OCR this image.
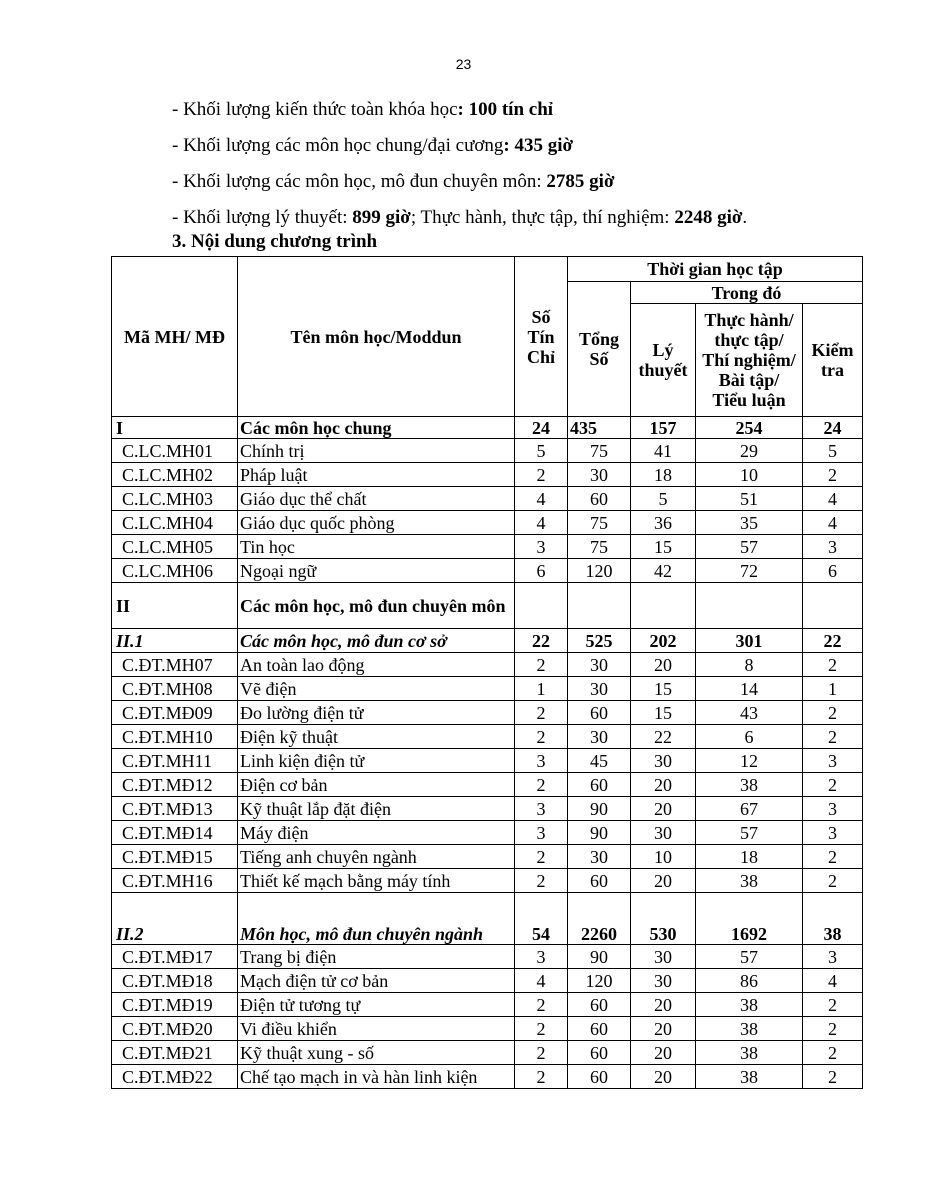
23
- Khối lượng kiến thức toàn khóa học: 100 tín chỉ
- Khối lượng các môn học chung/đại cương: 435 giờ
- Khối lượng các môn học, mô đun chuyên môn: 2785 giờ
- Khối lượng lý thuyết: 899 giờ; Thực hành, thực tập, thí nghiệm: 2248 giờ.
3. Nội dung chương trình
Mã MH/ MĐ	Tên môn học/Moddun	Số Tín Chỉ	Thời gian học tập			
			Tổng Số	Trong đó		
				Lý thuyết	Thực hành/ thực tập/ Thí nghiệm/ Bài tập/ Tiểu luận	Kiểm tra
I	Các môn học chung	24	435	157	254	24
C.LC.MH01	Chính trị	5	75	41	29	5
C.LC.MH02	Pháp luật	2	30	18	10	2
C.LC.MH03	Giáo dục thể chất	4	60	5	51	4
C.LC.MH04	Giáo dục quốc phòng	4	75	36	35	4
C.LC.MH05	Tin học	3	75	15	57	3
C.LC.MH06	Ngoại ngữ	6	120	42	72	6
II	Các môn học, mô đun chuyên môn					
II.1	Các môn học, mô đun cơ sở	22	525	202	301	22
C.ĐT.MH07	An toàn lao động	2	30	20	8	2
C.ĐT.MH08	Vẽ điện	1	30	15	14	1
C.ĐT.MĐ09	Đo lường điện tử	2	60	15	43	2
C.ĐT.MH10	Điện kỹ thuật	2	30	22	6	2
C.ĐT.MH11	Linh kiện điện tử	3	45	30	12	3
C.ĐT.MĐ12	Điện cơ bản	2	60	20	38	2
C.ĐT.MĐ13	Kỹ thuật lắp đặt điện	3	90	20	67	3
C.ĐT.MĐ14	Máy điện	3	90	30	57	3
C.ĐT.MĐ15	Tiếng anh chuyên ngành	2	30	10	18	2
C.ĐT.MH16	Thiết kế mạch bằng máy tính	2	60	20	38	2
II.2	Môn học, mô đun chuyên ngành	54	2260	530	1692	38
C.ĐT.MĐ17	Trang bị điện	3	90	30	57	3
C.ĐT.MĐ18	Mạch điện tử cơ bản	4	120	30	86	4
C.ĐT.MĐ19	Điện tử tương tự	2	60	20	38	2
C.ĐT.MĐ20	Vi điều khiển	2	60	20	38	2
C.ĐT.MĐ21	Kỹ thuật xung - số	2	60	20	38	2
C.ĐT.MĐ22	Chế tạo mạch in và hàn linh kiện	2	60	20	38	2
